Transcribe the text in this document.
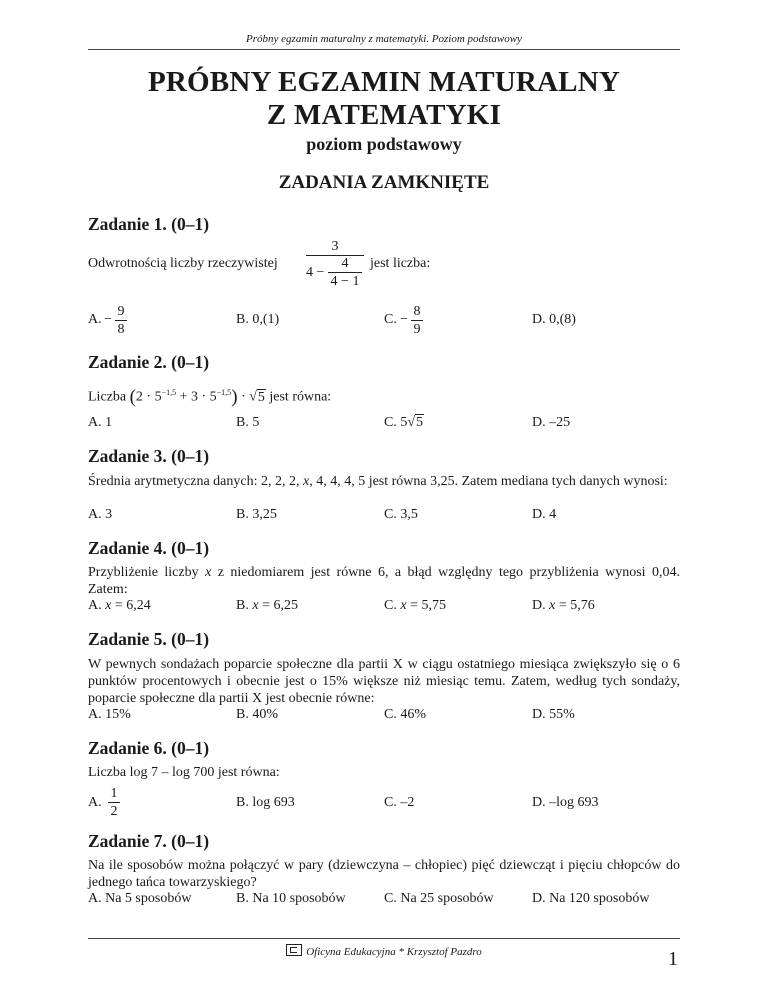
Próbny egzamin maturalny z matematyki. Poziom podstawowy
PRÓBNY EGZAMIN MATURALNY
Z MATEMATYKI
poziom podstawowy
ZADANIA ZAMKNIĘTE
Zadanie 1. (0–1)
Odwrotnością liczby rzeczywistej 3
4 −
4
4 − 1 jest liczba:
A. − $\frac{9}{8}$	B. 0,(1)	C. − $\frac{8}{9}$	D. 0,(8)
Zadanie 2. (0–1)
Liczba $(2 \cdot 5^{-1,5} + 3 \cdot 5^{-1,5}) \cdot √5$ jest równa:
A. 1	B. 5	C. 5√5	D. –25
Zadanie 3. (0–1)
Średnia arytmetyczna danych: 2, 2, 2, x, 4, 4, 4, 5 jest równa 3,25. Zatem mediana tych danych wynosi:
A. 3	B. 3,25	C. 3,5	D. 4
Zadanie 4. (0–1)
Przybliżenie liczby x z niedomiarem jest równe 6, a błąd względny tego przybliżenia wynosi 0,04. Zatem:
A. x = 6,24	B. x = 6,25	C. x = 5,75	D. x = 5,76
Zadanie 5. (0–1)
W pewnych sondażach poparcie społeczne dla partii X w ciągu ostatniego miesiąca zwiększyło się o 6 punktów procentowych i obecnie jest o 15% większe niż miesiąc temu. Zatem, według tych sondaży, poparcie społeczne dla partii X jest obecnie równe:
A. 15%	B. 40%	C. 46%	D. 55%
Zadanie 6. (0–1)
Liczba log 7 – log 700 jest równa:
A. $\frac{1}{2}$	B. log 693	C. –2	D. –log 693
Zadanie 7. (0–1)
Na ile sposobów można połączyć w pary (dziewczyna – chłopiec) pięć dziewcząt i pięciu chłopców do jednego tańca towarzyskiego?
A. Na 5 sposobów	B. Na 10 sposobów	C. Na 25 sposobów	D. Na 120 sposobów
Oficyna Edukacyjna * Krzysztof Pazdro	1
